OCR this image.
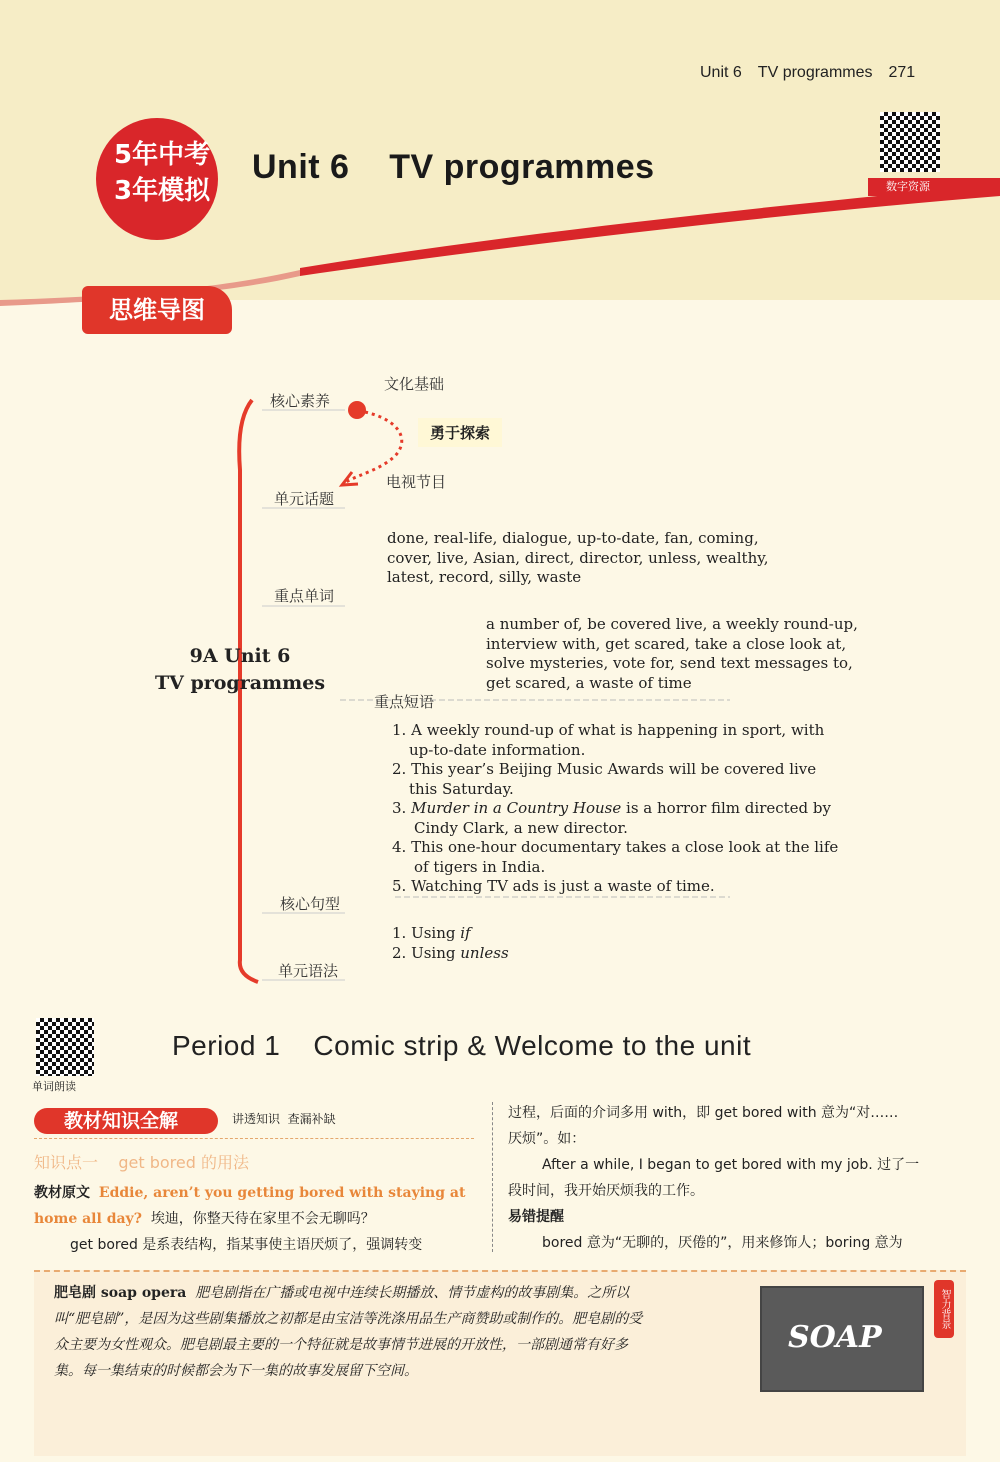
Unit 6 TV programmes 271
5年中考
3年模拟
Unit 6    TV programmes
数字资源
思维导图
核心素养
单元话题
重点单词
重点短语
核心句型
单元语法
文化基础
勇于探索
电视节目
9A Unit 6
TV programmes
done, real-life, dialogue, up-to-date, fan, coming,
cover, live, Asian, direct, director, unless, wealthy,
latest, record, silly, waste
a number of, be covered live, a weekly round-up,
interview with, get scared, take a close look at,
solve mysteries, vote for, send text messages to,
get scared, a waste of time
1. A weekly round-up of what is happening in sport, with
up-to-date information.
2. This year’s Beijing Music Awards will be covered live
this Saturday.
3. Murder in a Country House is a horror film directed by
Cindy Clark, a new director.
4. This one-hour documentary takes a close look at the life
of tigers in India.
5. Watching TV ads is just a waste of time.
1. Using if
2. Using unless
单词朗读
Period 1    Comic strip & Welcome to the unit
教材知识全解	讲透知识  查漏补缺
知识点一    get bored 的用法
教材原文 Eddie, aren’t you getting bored with staying at
home all day? 埃迪，你整天待在家里不会无聊吗？
get bored 是系表结构，指某事使主语厌烦了，强调转变
过程，后面的介词多用 with，即 get bored with 意为“对……
厌烦”。如：
After a while, I began to get bored with my job. 过了一
段时间，我开始厌烦我的工作。
易错提醒
bored 意为“无聊的，厌倦的”，用来修饰人；boring 意为
肥皂剧 soap opera  肥皂剧指在广播或电视中连续长期播放、情节虚构的故事剧集。之所以
叫“肥皂剧”，是因为这些剧集播放之初都是由宝洁等洗涤用品生产商赞助或制作的。肥皂剧的受
众主要为女性观众。肥皂剧最主要的一个特征就是故事情节进展的开放性，一部剧通常有好多
集。每一集结束的时候都会为下一集的故事发展留下空间。
SOAP
智力背景
